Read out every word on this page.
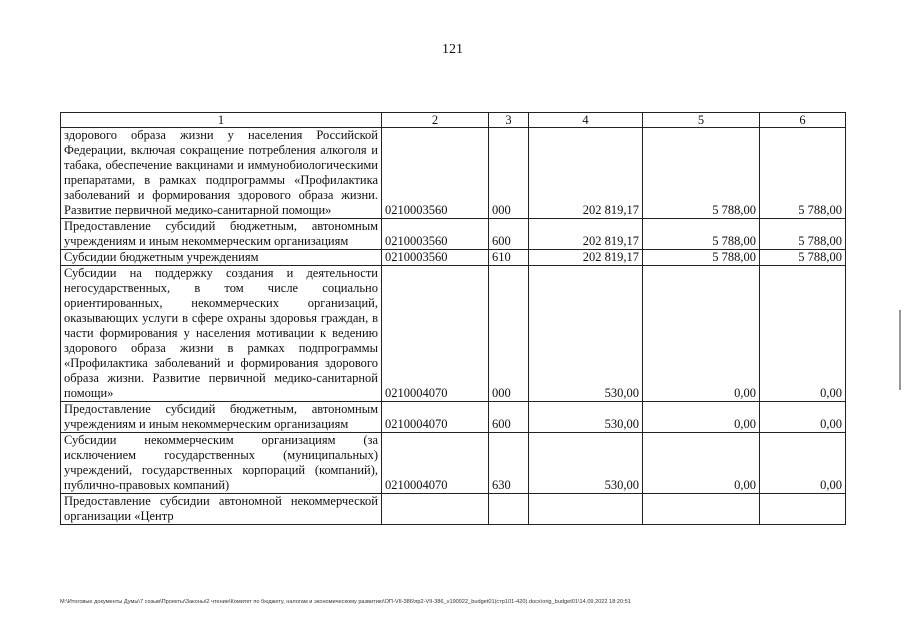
121
1	2	3	4	5	6
здорового образа жизни у населения Российской Федерации, включая сокращение потребления алкоголя и табака, обеспечение вакцинами и иммунобиологическими препаратами, в рамках подпрограммы «Профилактика заболеваний и формирования здорового образа жизни. Развитие первичной медико-санитарной помощи»	0210003560	000	202 819,17	5 788,00	5 788,00
Предоставление субсидий бюджетным, автономным учреждениям и иным некоммерческим организациям	0210003560	600	202 819,17	5 788,00	5 788,00
Субсидии бюджетным учреждениям	0210003560	610	202 819,17	5 788,00	5 788,00
Субсидии на поддержку создания и деятельности негосударственных, в том числе социально ориентированных, некоммерческих организаций, оказывающих услуги в сфере охраны здоровья граждан, в части формирования у населения мотивации к ведению здорового образа жизни в рамках подпрограммы «Профилактика заболеваний и формирования здорового образа жизни. Развитие первичной медико-санитарной помощи»	0210004070	000	530,00	0,00	0,00
Предоставление субсидий бюджетным, автономным учреждениям и иным некоммерческим организациям	0210004070	600	530,00	0,00	0,00
Субсидии некоммерческим организациям (за исключением государственных (муниципальных) учреждений, государственных корпораций (компаний), публично-правовых компаний)	0210004070	630	530,00	0,00	0,00
Предоставление субсидии автономной некоммерческой организации «Центр					
M:\Итоговые документы Думы\7 созыв\Проекты\Законы\2 чтение\Комитет по бюджету, налогам и экономическому развитию\ОП-VII-386\пр2-VII-386_v190922_budget01(стр101-420).docx\orig_budget01\14.09.2022 18:20:51
